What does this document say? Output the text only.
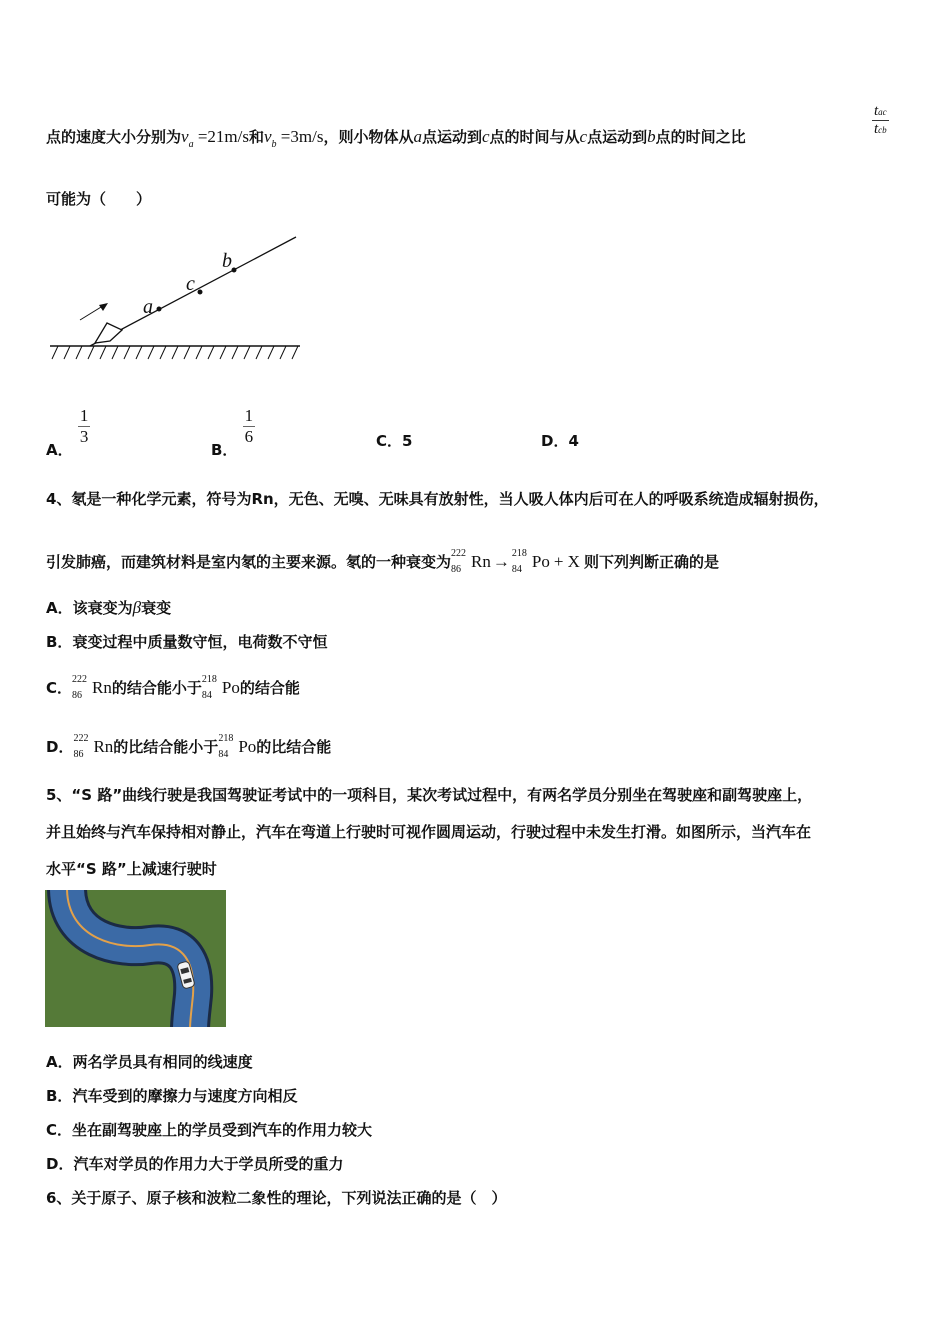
点的速度大小分别为$v_a =21m/s$和$v_b =3m/s$，则小物体从a点运动到c点的时间与从c点运动到b点的时间之比
tac
tcb
可能为（　　）
a
c
b
A．
$\frac{1}{3}$
B．
$\frac{1}{6}$	C．5	D．4
4、氡是一种化学元素，符号为Rn，无色、无嗅、无味具有放射性，当人吸人体内后可在人的呼吸系统造成辐射损伤，
引发肺癌，而建筑材料是室内氡的主要来源。氡的一种衰变为 222
86 Rn → 218
84 Po + X 则下列判断正确的是
A．该衰变为β衰变
B．衰变过程中质量数守恒，电荷数不守恒
C． 222
86 Rn的结合能小于 218
84 Po的结合能
D． 222
86 Rn的比结合能小于 218
84 Po的比结合能
5、“S 路”曲线行驶是我国驾驶证考试中的一项科目，某次考试过程中，有两名学员分别坐在驾驶座和副驾驶座上，
并且始终与汽车保持相对静止，汽车在弯道上行驶时可视作圆周运动，行驶过程中未发生打滑。如图所示，当汽车在
水平“S 路”上减速行驶时
A．两名学员具有相同的线速度
B．汽车受到的摩擦力与速度方向相反
C．坐在副驾驶座上的学员受到汽车的作用力较大
D．汽车对学员的作用力大于学员所受的重力
6、关于原子、原子核和波粒二象性的理论，下列说法正确的是（　）
